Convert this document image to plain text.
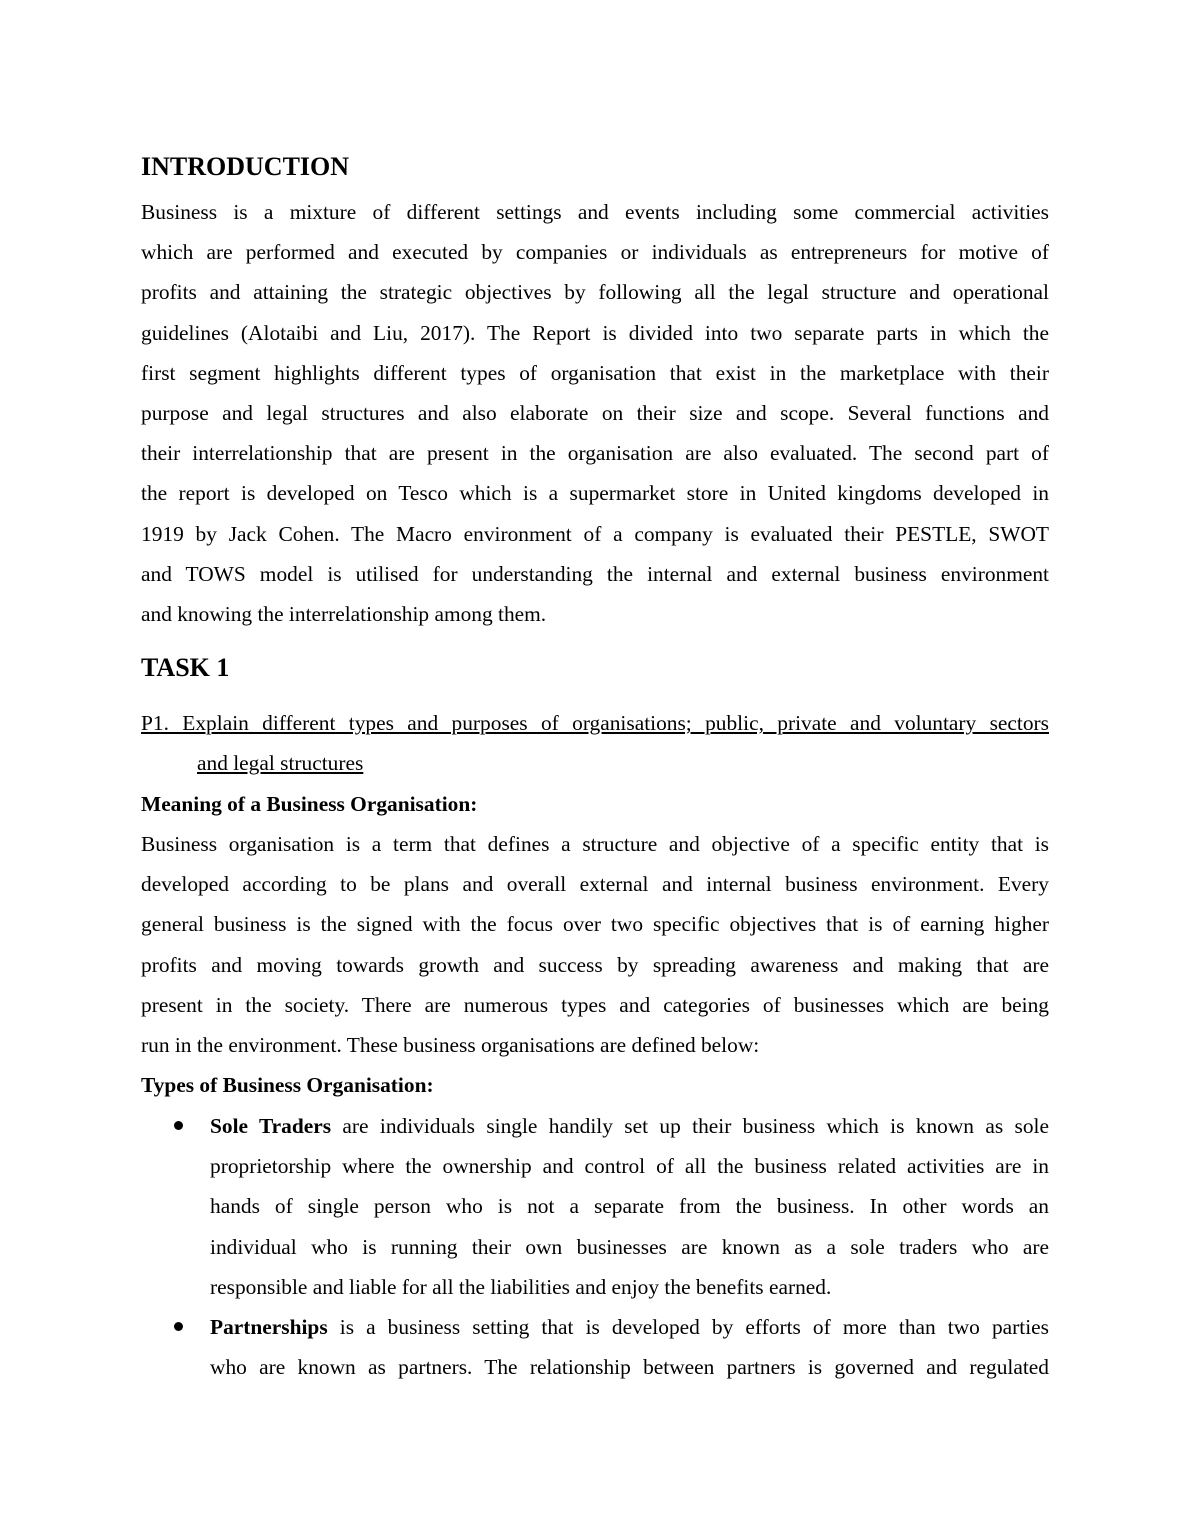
INTRODUCTION
Business is a mixture of different settings and events including some commercial activities
which are performed and executed by companies or individuals as entrepreneurs for motive of
profits and attaining the strategic objectives by following all the legal structure and operational
guidelines (Alotaibi and Liu, 2017). The Report is divided into two separate parts in which the
first segment highlights different types of organisation that exist in the marketplace with their
purpose and legal structures and also elaborate on their size and scope. Several functions and
their interrelationship that are present in the organisation are also evaluated. The second part of
the report is developed on Tesco which is a supermarket store in United kingdoms developed in
1919 by Jack Cohen. The Macro environment of a company is evaluated their PESTLE, SWOT
and TOWS model is utilised for understanding the internal and external business environment
and knowing the interrelationship among them.
TASK 1
P1. Explain different types and purposes of organisations; public, private and voluntary sectors
and legal structures
Meaning of a Business Organisation:
Business organisation is a term that defines a structure and objective of a specific entity that is
developed according to be plans and overall external and internal business environment. Every
general business is the signed with the focus over two specific objectives that is of earning higher
profits and moving towards growth and success by spreading awareness and making that are
present in the society. There are numerous types and categories of businesses which are being
run in the environment. These business organisations are defined below:
Types of Business Organisation:
Sole Traders are individuals single handily set up their business which is known as sole
proprietorship where the ownership and control of all the business related activities are in
hands of single person who is not a separate from the business. In other words an
individual who is running their own businesses are known as a sole traders who are
responsible and liable for all the liabilities and enjoy the benefits earned.
Partnerships is a business setting that is developed by efforts of more than two parties
who are known as partners. The relationship between partners is governed and regulated
